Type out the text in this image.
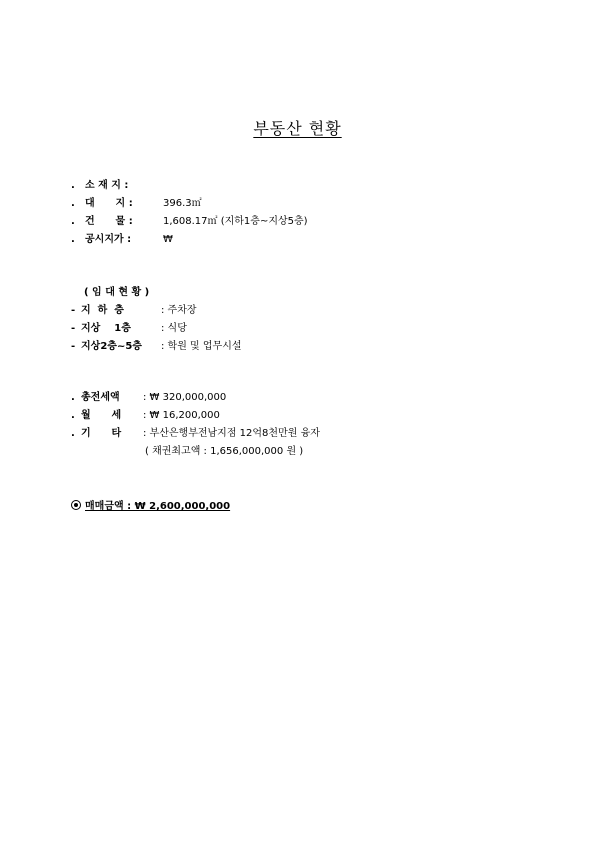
부동산 현황
. 소 재 지 :
. 대      지 :	396.3㎡
. 건      물 :	1,608.17㎡ (지하1층~지상5층)
. 공시지가 :	₩
( 임 대 현 황 )
- 지  하  층	: 주차장
- 지상    1층	: 식당
- 지상2층~5층 : 학원 및 업무시설
. 총전세액 : ₩ 320,000,000
. 월      세 : ₩ 16,200,000
. 기      타 : 부산은행부전남지점 12억8천만원 융자
( 채권최고액 : 1,656,000,000 원 )
매매금액 : ₩ 2,600,000,000
